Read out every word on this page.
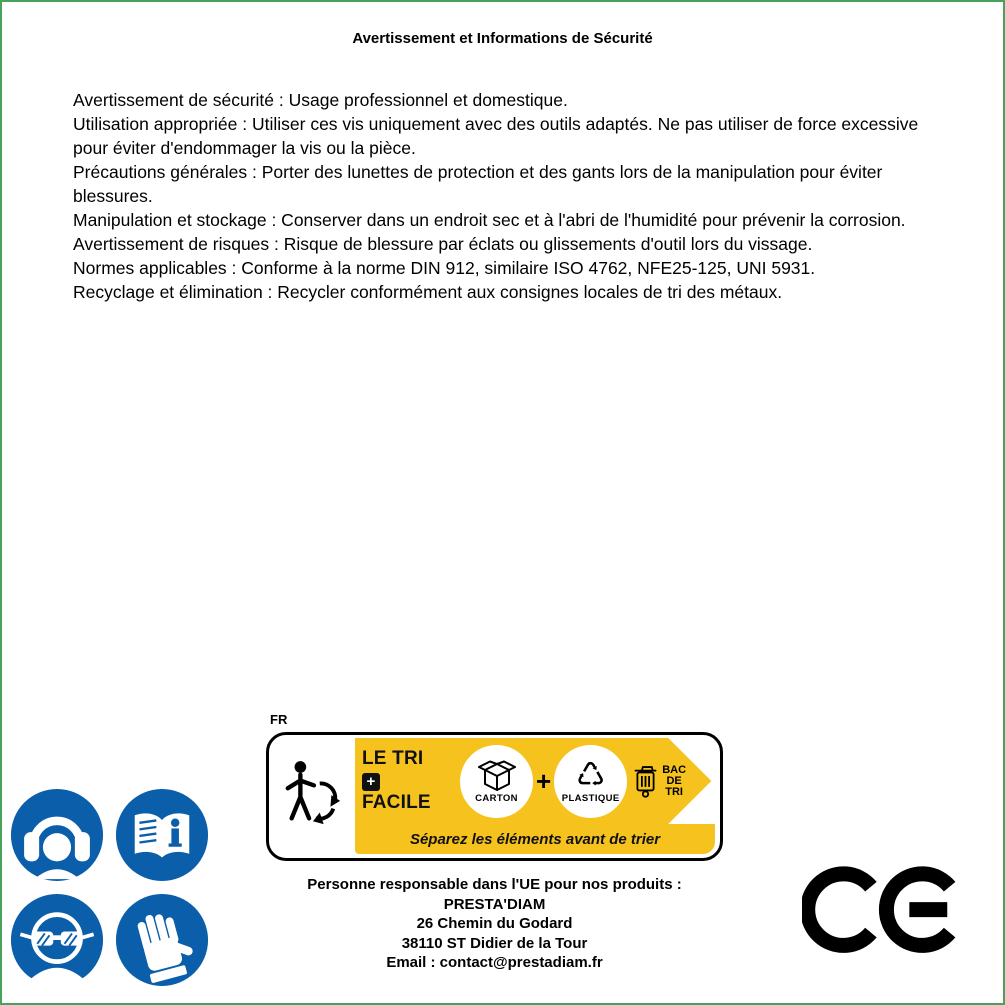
Avertissement et Informations de Sécurité

Avertissement de sécurité : Usage professionnel et domestique.

Utilisation appropriée : Utiliser ces vis uniquement avec des outils adaptés. Ne pas utiliser de force excessive pour éviter d'endommager la vis ou la pièce.

Précautions générales : Porter des lunettes de protection et des gants lors de la manipulation pour éviter blessures.

Manipulation et stockage : Conserver dans un endroit sec et à l'abri de l'humidité pour prévenir la corrosion.

Avertissement de risques : Risque de blessure par éclats ou glissements d'outil lors du vissage.

Normes applicables : Conforme à la norme DIN 912, similaire ISO 4762, NFE25-125, UNI 5931.

Recyclage et élimination : Recycler conformément aux consignes locales de tri des métaux.

FR
LE TRI
+ FACILE	CARTON
+ ♺
PLASTIQUE
BAC
DE
TRI
Séparez les éléments avant de trier
Personne responsable dans l'UE pour nos produits :
PRESTA'DIAM
26 Chemin du Godard
38110 ST Didier de la Tour
Email : contact@prestadiam.fr
